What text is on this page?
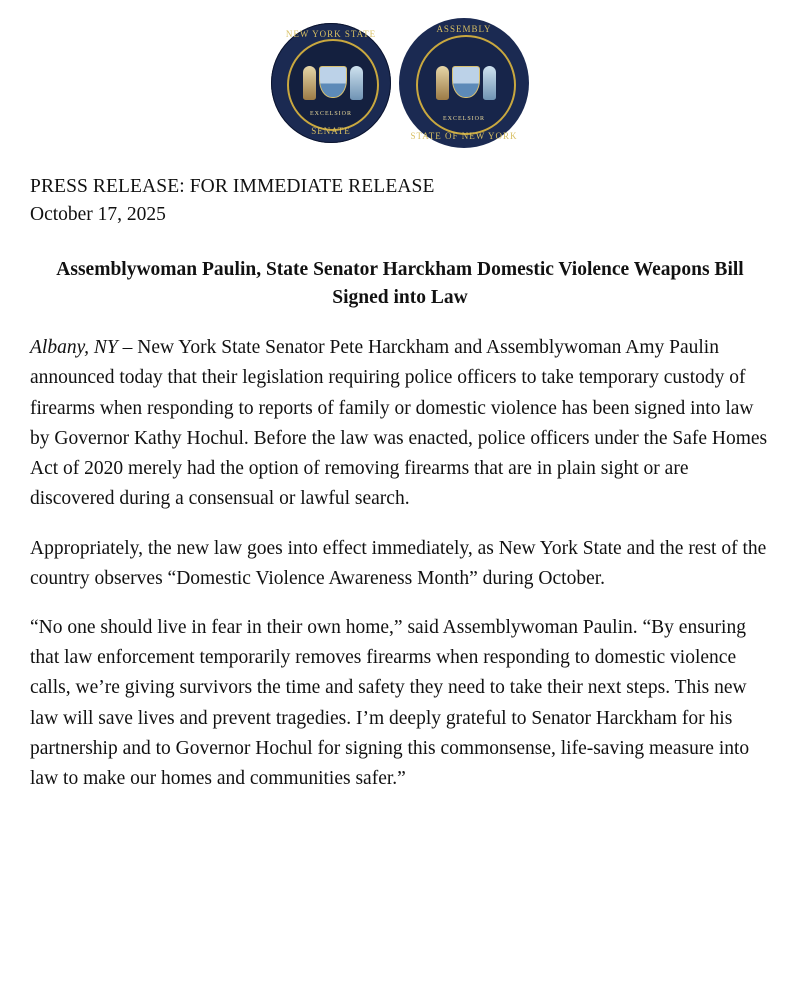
NEW YORK STATE
EXCELSIOR
SENATE
ASSEMBLY
EXCELSIOR
STATE OF NEW YORK
PRESS RELEASE: FOR IMMEDIATE RELEASE
October 17, 2025
Assemblywoman Paulin, State Senator Harckham Domestic Violence Weapons Bill Signed into Law

Albany, NY – New York State Senator Pete Harckham and Assemblywoman Amy Paulin announced today that their legislation requiring police officers to take temporary custody of firearms when responding to reports of family or domestic violence has been signed into law by Governor Kathy Hochul. Before the law was enacted, police officers under the Safe Homes Act of 2020 merely had the option of removing firearms that are in plain sight or are discovered during a consensual or lawful search.

Appropriately, the new law goes into effect immediately, as New York State and the rest of the country observes “Domestic Violence Awareness Month” during October.

“No one should live in fear in their own home,” said Assemblywoman Paulin. “By ensuring that law enforcement temporarily removes firearms when responding to domestic violence calls, we’re giving survivors the time and safety they need to take their next steps. This new law will save lives and prevent tragedies. I’m deeply grateful to Senator Harckham for his partnership and to Governor Hochul for signing this commonsense, life-saving measure into law to make our homes and communities safer.”
